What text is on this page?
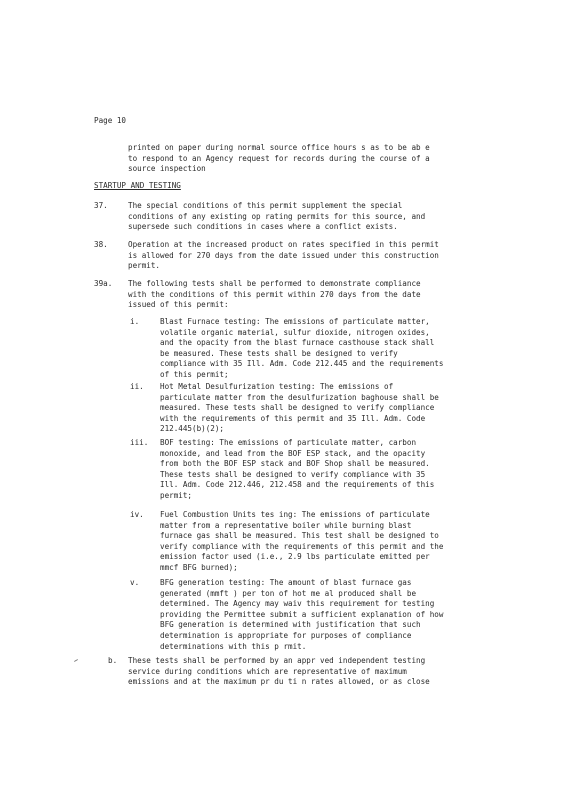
Page 10
printed on paper during normal source office hours s as to be ab e
to respond to an Agency request for records during the course of a
source inspection
STARTUP AND TESTING
37.	The special conditions of this permit supplement the special
conditions of any existing op rating permits for this source, and
supersede such conditions in cases where a conflict exists.
38.	Operation at the increased product on rates specified in this permit
is allowed for 270 days from the date issued under this construction
permit.
39a. The following tests shall be performed to demonstrate compliance
with the conditions of this permit within 270 days from the date
issued of this permit:
i.	Blast Furnace testing: The emissions of particulate matter,
volatile organic material, sulfur dioxide, nitrogen oxides,
and the opacity from the blast furnace casthouse stack shall
be measured. These tests shall be designed to verify
compliance with 35 Ill. Adm. Code 212.445 and the requirements
of this permit;
ii. Hot Metal Desulfurization testing: The emissions of
particulate matter from the desulfurization baghouse shall be
measured. These tests shall be designed to verify compliance
with the requirements of this permit and 35 Ill. Adm. Code
212.445(b)(2);
iii. BOF testing: The emissions of particulate matter, carbon
monoxide, and lead from the BOF ESP stack, and the opacity
from both the BOF ESP stack and BOF Shop shall be measured.
These tests shall be designed to verify compliance with 35
Ill. Adm. Code 212.446, 212.458 and the requirements of this
permit;
iv. Fuel Combustion Units tes ing: The emissions of particulate
matter from a representative boiler while burning blast
furnace gas shall be measured. This test shall be designed to
verify compliance with the requirements of this permit and the
emission factor used (i.e., 2.9 lbs particulate emitted per
mmcf BFG burned);
v.	BFG generation testing: The amount of blast furnace gas
generated (mmft ) per ton of hot me al produced shall be
determined. The Agency may waiv this requirement for testing
providing the Permittee submit a sufficient explanation of how
BFG generation is determined with justification that such
determination is appropriate for purposes of compliance
determinations with this p rmit.
b. These tests shall be performed by an appr ved independent testing
service during conditions which are representative of maximum
emissions and at the maximum pr du ti n rates allowed, or as close
